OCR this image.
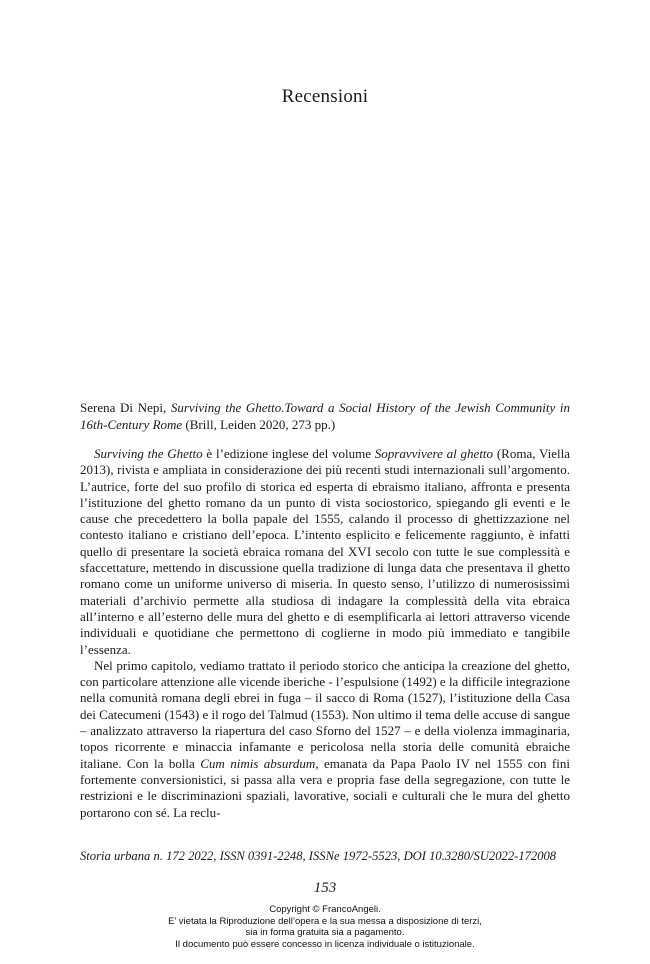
Recensioni
Serena Di Nepi, Surviving the Ghetto.Toward a Social History of the Jewish Community in 16th-Century Rome (Brill, Leiden 2020, 273 pp.)

Surviving the Ghetto è l’edizione inglese del volume Sopravvivere al ghetto (Roma, Viella 2013), rivista e ampliata in considerazione dei più recenti studi internazionali sull’argomento. L’autrice, forte del suo profilo di storica ed esperta di ebraismo italiano, affronta e presenta l’istituzione del ghetto romano da un punto di vista sociostorico, spiegando gli eventi e le cause che precedettero la bolla papale del 1555, calando il processo di ghettizzazione nel contesto italiano e cristiano dell’epoca. L’intento esplicito e felicemente raggiunto, è infatti quello di presentare la società ebraica romana del XVI secolo con tutte le sue complessità e sfaccettature, mettendo in discussione quella tradizione di lunga data che presentava il ghetto romano come un uniforme universo di miseria. In questo senso, l’utilizzo di numerosissimi materiali d’archivio permette alla studiosa di indagare la complessità della vita ebraica all’interno e all’esterno delle mura del ghetto e di esemplificarla ai lettori attraverso vicende individuali e quotidiane che permettono di coglierne in modo più immediato e tangibile l’essenza.

Nel primo capitolo, vediamo trattato il periodo storico che anticipa la creazione del ghetto, con particolare attenzione alle vicende iberiche - l’espulsione (1492) e la difficile integrazione nella comunità romana degli ebrei in fuga – il sacco di Roma (1527), l’istituzione della Casa dei Catecumeni (1543) e il rogo del Talmud (1553). Non ultimo il tema delle accuse di sangue – analizzato attraverso la riapertura del caso Sforno del 1527 – e della violenza immaginaria, topos ricorrente e minaccia infamante e pericolosa nella storia delle comunità ebraiche italiane. Con la bolla Cum nimis absurdum, emanata da Papa Paolo IV nel 1555 con fini fortemente conversionistici, si passa alla vera e propria fase della segregazione, con tutte le restrizioni e le discriminazioni spaziali, lavorative, sociali e culturali che le mura del ghetto portarono con sé. La reclu-

Storia urbana n. 172 2022, ISSN 0391-2248, ISSNe 1972-5523, DOI 10.3280/SU2022-172008
153
Copyright © FrancoAngeli.
E’ vietata la Riproduzione dell’opera e la sua messa a disposizione di terzi,
sia in forma gratuita sia a pagamento.
Il documento può essere concesso in licenza individuale o istituzionale.
